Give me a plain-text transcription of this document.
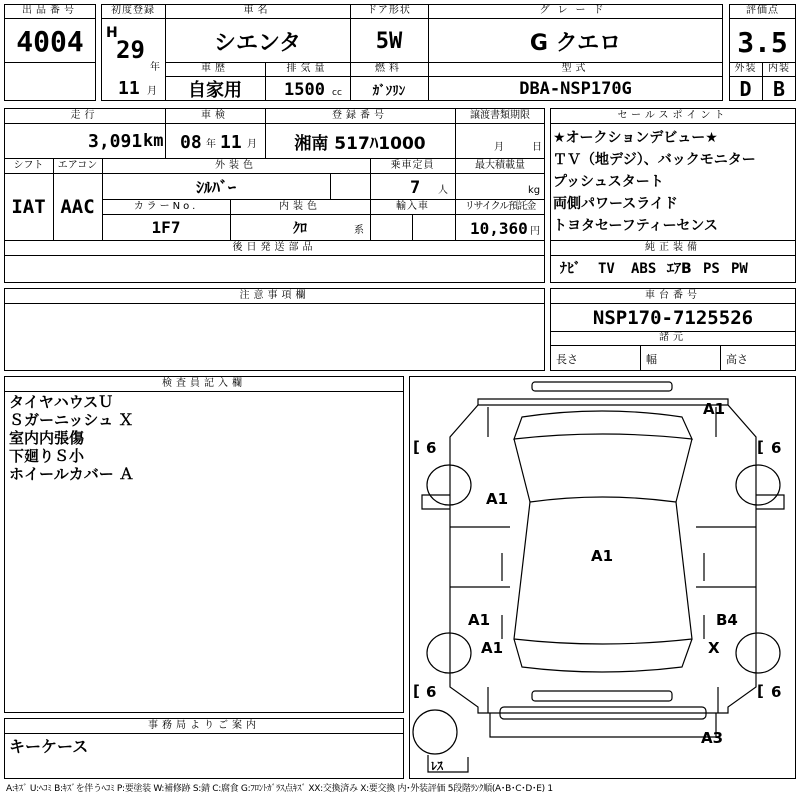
出品番号
4004
初度登録
H
29
年
11 月
車名
シエンタ
ドア形状
5W
グレード
G クエロ
車歴
自家用
排気量
1500 cc
燃料
ｶﾞｿﾘﾝ
型式
DBA-NSP170G
評価点
3.5
外装	内装
D	B
走行
3,091 km
車検
08 年 11 月
登録番号
湘南 517ﾊ1000
譲渡書類期限
月	日
シフト
IAT
エアコン
AAC
外装色
ｼﾙﾊﾞｰ
乗車定員
7 人
最大積載量
kg
カラーNo.
1F7
内装色
ｸﾛ	系
輸入車	リサイクル預託金
10,360 円
後日発送部品
セールスポイント
★オークションデビュー★
ＴＶ（地デジ）、バックモニター
プッシュスタート
両側パワースライド
トヨタセーフティーセンス
純正装備
ﾅﾋﾞ TV ABS ｴｱB PS PW
注意事項欄	車台番号
NSP170-7125526
諸元
長さ	幅	高さ
検査員記入欄
タイヤハウスＵ
Ｓガーニッシュ Ｘ
室内内張傷
下廻りＳ小
ホイールカバー Ａ
事務局よりご案内
キーケース
A1
A1
A1
A1	B4
A1	X
A3
[ 6	[ 6
[ 6	[ 6
ﾚｽ
A:ｷｽﾞ U:ﾍｺﾐ B:ｷｽﾞを伴うﾍｺﾐ P:要塗装 W:補修跡 S:錆 C:腐食 G:ﾌﾛﾝﾄｶﾞﾗｽ点ｷｽﾞ XX:交換済み X:要交換 内･外装評価 5段階ﾗﾝｸ順(A･B･C･D･E) 1
